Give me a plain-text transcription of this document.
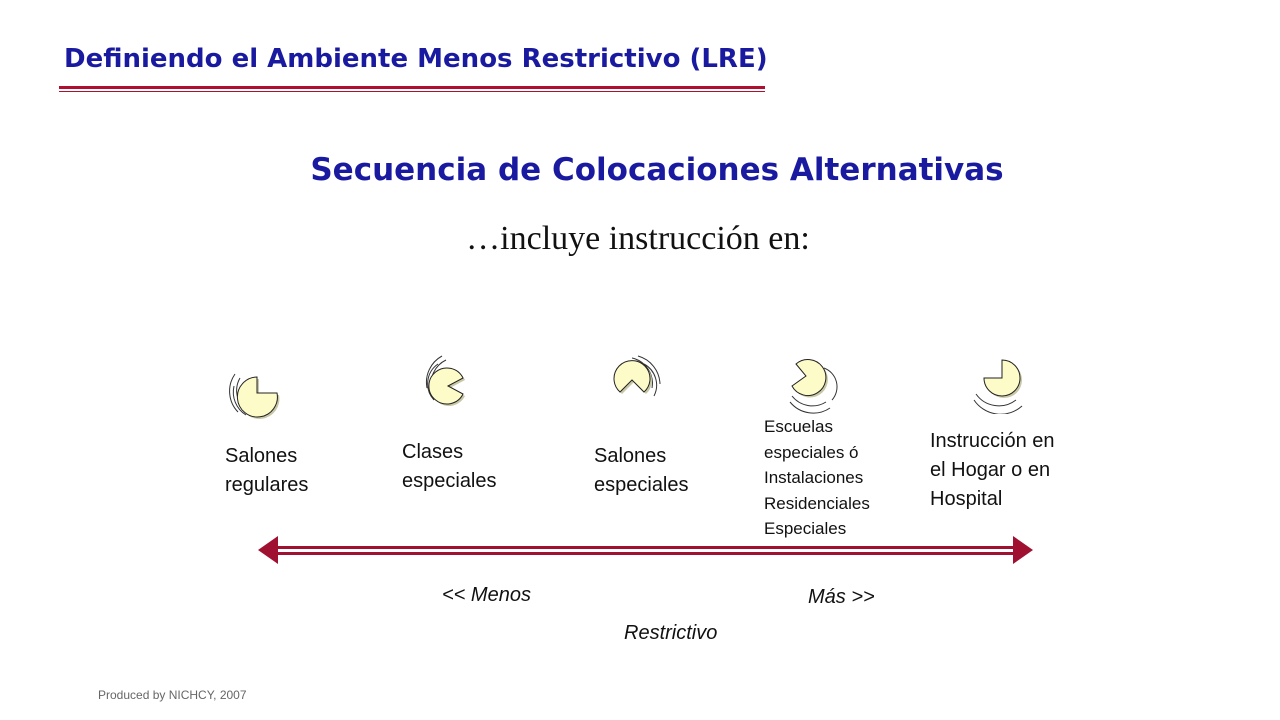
Definiendo el Ambiente Menos Restrictivo (LRE)
Secuencia de Colocaciones Alternativas
…incluye instrucción en:
Salones
regulares
Clases
especiales
Salones
especiales
Escuelas
especiales ó
Instalaciones
Residenciales
Especiales
Instrucción en
el Hogar o en
Hospital
<< Menos	Más >>
Restrictivo
Produced by NICHCY, 2007
